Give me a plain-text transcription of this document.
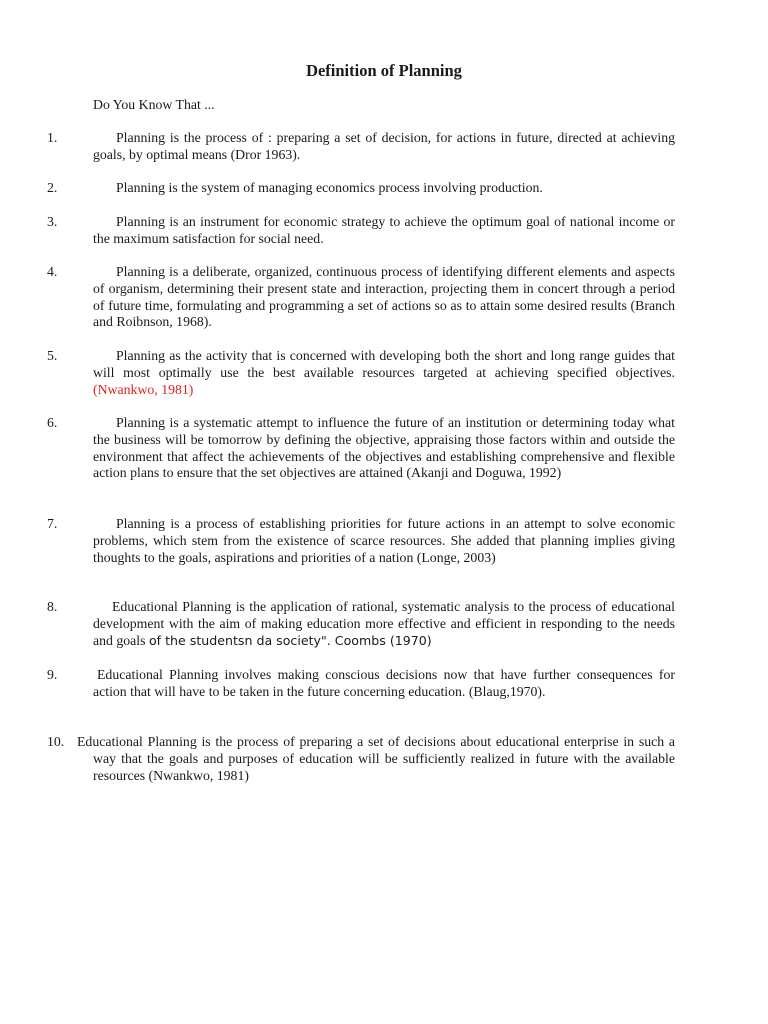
Definition of Planning
Do You Know That ...
1.	Planning is the process of : preparing a set of decision, for actions in future, directed at achieving goals, by optimal means (Dror 1963).
2.	Planning is the system of managing economics process involving production.
3.	Planning is an instrument for economic strategy to achieve the optimum goal of national income or the maximum satisfaction for social need.
4.	Planning is a deliberate, organized, continuous process of identifying different elements and aspects of organism, determining their present state and interaction, projecting them in concert through a period of future time, formulating and programming a set of actions so as to attain some desired results (Branch and Roibnson, 1968).
5.	Planning as the activity that is concerned with developing both the short and long range guides that will most optimally use the best available resources targeted at achieving specified objectives. (Nwankwo, 1981)
6.	Planning is a systematic attempt to influence the future of an institution or determining today what the business will be tomorrow by defining the objective, appraising those factors within and outside the environment that affect the achievements of the objectives and establishing comprehensive and flexible action plans to ensure that the set objectives are attained (Akanji and Doguwa, 1992)
7.	Planning is a process of establishing priorities for future actions in an attempt to solve economic problems, which stem from the existence of scarce resources. She added that planning implies giving thoughts to the goals, aspirations and priorities of a nation (Longe, 2003)
8.	Educational Planning is the application of rational, systematic analysis to the process of educational development with the aim of making education more effective and efficient in responding to the needs and goals of the studentsn da society". Coombs (1970)
9.	Educational Planning involves making conscious decisions now that have further consequences for action that will have to be taken in the future concerning education. (Blaug,1970).
10. Educational Planning is the process of preparing a set of decisions about educational enterprise in such a way that the goals and purposes of education will be sufficiently realized in future with the available resources (Nwankwo, 1981)
